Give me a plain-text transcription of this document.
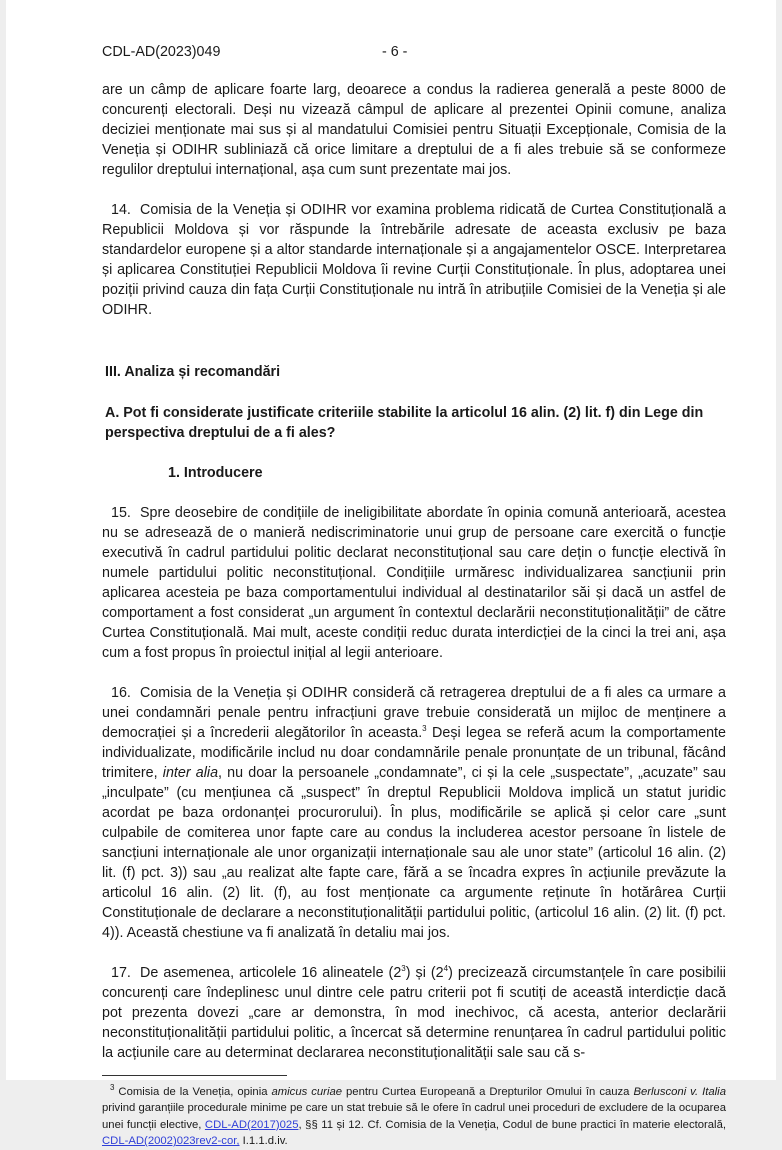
CDL-AD(2023)049	- 6 -

are un câmp de aplicare foarte larg, deoarece a condus la radierea generală a peste 8000 de concurenți electorali. Deși nu vizează câmpul de aplicare al prezentei Opinii comune, analiza deciziei menționate mai sus și al mandatului Comisiei pentru Situații Excepționale, Comisia de la Veneția și ODIHR subliniază că orice limitare a dreptului de a fi ales trebuie să se conformeze regulilor dreptului internațional, așa cum sunt prezentate mai jos.

14. Comisia de la Veneția și ODIHR vor examina problema ridicată de Curtea Constituțională a Republicii Moldova și vor răspunde la întrebările adresate de aceasta exclusiv pe baza standardelor europene și a altor standarde internaționale și a angajamentelor OSCE. Interpretarea și aplicarea Constituției Republicii Moldova îi revine Curții Constituționale. În plus, adoptarea unei poziții privind cauza din fața Curții Constituționale nu intră în atribuțiile Comisiei de la Veneția și ale ODIHR.

III. Analiza și recomandări

A. Pot fi considerate justificate criteriile stabilite la articolul 16 alin. (2) lit. f) din Lege din perspectiva dreptului de a fi ales?

1. Introducere

15. Spre deosebire de condițiile de ineligibilitate abordate în opinia comună anterioară, acestea nu se adresează de o manieră nediscriminatorie unui grup de persoane care exercită o funcție executivă în cadrul partidului politic declarat neconstituțional sau care dețin o funcție electivă în numele partidului politic neconstituțional. Condițiile urmăresc individualizarea sancțiunii prin aplicarea acesteia pe baza comportamentului individual al destinatarilor săi și dacă un astfel de comportament a fost considerat „un argument în contextul declarării neconstituționalității” de către Curtea Constituțională. Mai mult, aceste condiții reduc durata interdicției de la cinci la trei ani, așa cum a fost propus în proiectul inițial al legii anterioare.

16. Comisia de la Veneția și ODIHR consideră că retragerea dreptului de a fi ales ca urmare a unei condamnări penale pentru infracțiuni grave trebuie considerată un mijloc de menținere a democrației și a încrederii alegătorilor în aceasta.$^3$ Deși legea se referă acum la comportamente individualizate, modificările includ nu doar condamnările penale pronunțate de un tribunal, făcând trimitere, inter alia, nu doar la persoanele „condamnate”, ci și la cele „suspectate”, „acuzate” sau „inculpate” (cu mențiunea că „suspect” în dreptul Republicii Moldova implică un statut juridic acordat pe baza ordonanței procurorului). În plus, modificările se aplică și celor care „sunt culpabile de comiterea unor fapte care au condus la includerea acestor persoane în listele de sancțiuni internaționale ale unor organizații internaționale sau ale unor state” (articolul 16 alin. (2) lit. (f) pct. 3)) sau „au realizat alte fapte care, fără a se încadra expres în acțiunile prevăzute la articolul 16 alin. (2) lit. (f), au fost menționate ca argumente reținute în hotărârea Curții Constituționale de declarare a neconstituționalității partidului politic, (articolul 16 alin. (2) lit. (f) pct. 4)). Această chestiune va fi analizată în detaliu mai jos.

17. De asemenea, articolele 16 alineatele $(2^3)$ și $(2^4)$ precizează circumstanțele în care posibilii concurenți care îndeplinesc unul dintre cele patru criterii pot fi scutiți de această interdicție dacă pot prezenta dovezi „care ar demonstra, în mod inechivoc, că acesta, anterior declarării neconstituționalității partidului politic, a încercat să determine renunțarea în cadrul partidului politic la acțiunile care au determinat declararea neconstituționalității sale sau că s-

$^3$ Comisia de la Veneția, opinia amicus curiae pentru Curtea Europeană a Drepturilor Omului în cauza Berlusconi v. Italia privind garanțiile procedurale minime pe care un stat trebuie să le ofere în cadrul unei proceduri de excludere de la ocuparea unei funcții elective, CDL-AD(2017)025, §§ 11 și 12. Cf. Comisia de la Veneția, Codul de bune practici în materie electorală, CDL-AD(2002)023rev2-cor, I.1.1.d.iv.
